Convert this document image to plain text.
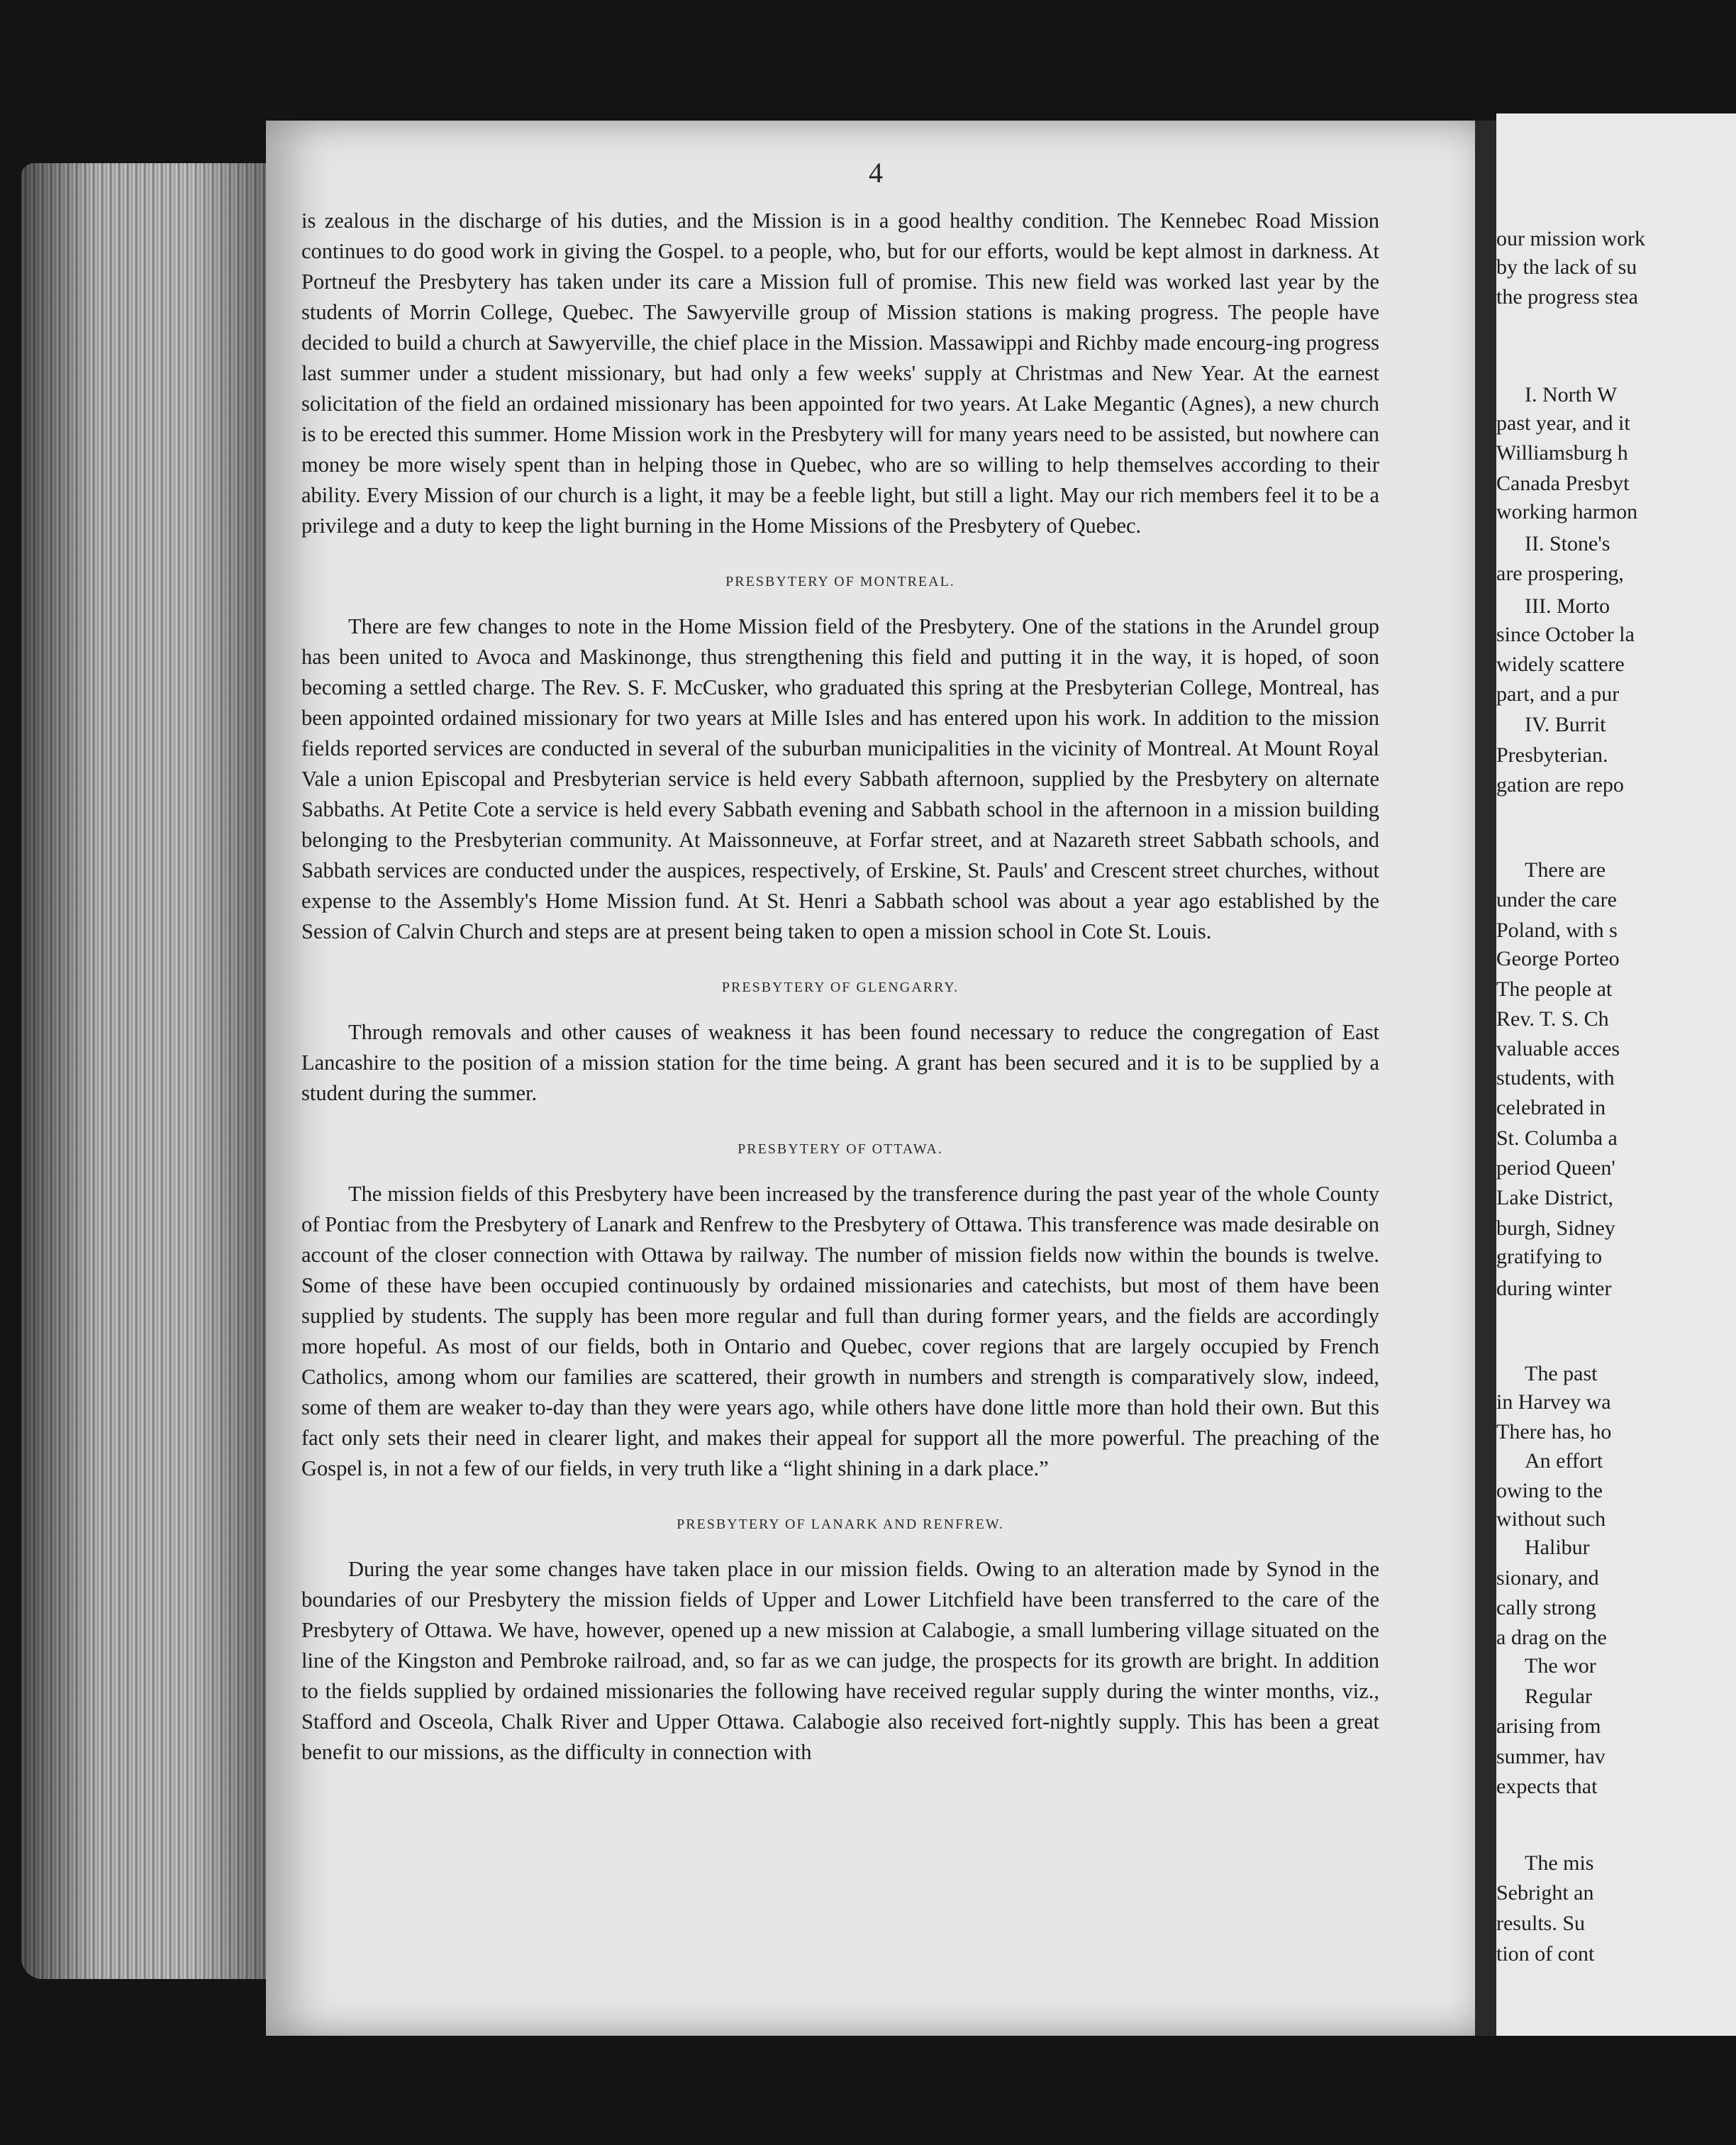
4

is zealous in the discharge of his duties, and the Mission is in a good healthy condition. The Kennebec Road Mission continues to do good work in giving the Gospel. to a people, who, but for our efforts, would be kept almost in darkness. At Portneuf the Presbytery has taken under its care a Mission full of promise. This new field was worked last year by the students of Morrin College, Quebec. The Sawyerville group of Mission stations is making progress. The people have decided to build a church at Sawyerville, the chief place in the Mission. Massawippi and Richby made encourg-ing progress last summer under a student missionary, but had only a few weeks' supply at Christmas and New Year. At the earnest solicitation of the field an ordained missionary has been appointed for two years. At Lake Megantic (Agnes), a new church is to be erected this summer. Home Mission work in the Presbytery will for many years need to be assisted, but nowhere can money be more wisely spent than in helping those in Quebec, who are so willing to help themselves according to their ability. Every Mission of our church is a light, it may be a feeble light, but still a light. May our rich members feel it to be a privilege and a duty to keep the light burning in the Home Missions of the Presbytery of Quebec.

PRESBYTERY OF MONTREAL.

There are few changes to note in the Home Mission field of the Presbytery. One of the stations in the Arundel group has been united to Avoca and Maskinonge, thus strengthening this field and putting it in the way, it is hoped, of soon becoming a settled charge. The Rev. S. F. McCusker, who graduated this spring at the Presbyterian College, Montreal, has been appointed ordained missionary for two years at Mille Isles and has entered upon his work. In addition to the mission fields reported services are conducted in several of the suburban municipalities in the vicinity of Montreal. At Mount Royal Vale a union Episcopal and Presbyterian service is held every Sabbath afternoon, supplied by the Presbytery on alternate Sabbaths. At Petite Cote a service is held every Sabbath evening and Sabbath school in the afternoon in a mission building belonging to the Presbyterian community. At Maissonneuve, at Forfar street, and at Nazareth street Sabbath schools, and Sabbath services are conducted under the auspices, respectively, of Erskine, St. Pauls' and Crescent street churches, without expense to the Assembly's Home Mission fund. At St. Henri a Sabbath school was about a year ago established by the Session of Calvin Church and steps are at present being taken to open a mission school in Cote St. Louis.

PRESBYTERY OF GLENGARRY.

Through removals and other causes of weakness it has been found necessary to reduce the congregation of East Lancashire to the position of a mission station for the time being. A grant has been secured and it is to be supplied by a student during the summer.

PRESBYTERY OF OTTAWA.

The mission fields of this Presbytery have been increased by the transference during the past year of the whole County of Pontiac from the Presbytery of Lanark and Renfrew to the Presbytery of Ottawa. This transference was made desirable on account of the closer connection with Ottawa by railway. The number of mission fields now within the bounds is twelve. Some of these have been occupied continuously by ordained missionaries and catechists, but most of them have been supplied by students. The supply has been more regular and full than during former years, and the fields are accordingly more hopeful. As most of our fields, both in Ontario and Quebec, cover regions that are largely occupied by French Catholics, among whom our families are scattered, their growth in numbers and strength is comparatively slow, indeed, some of them are weaker to-day than they were years ago, while others have done little more than hold their own. But this fact only sets their need in clearer light, and makes their appeal for support all the more powerful. The preaching of the Gospel is, in not a few of our fields, in very truth like a “light shining in a dark place.”

PRESBYTERY OF LANARK AND RENFREW.

During the year some changes have taken place in our mission fields. Owing to an alteration made by Synod in the boundaries of our Presbytery the mission fields of Upper and Lower Litchfield have been transferred to the care of the Presbytery of Ottawa. We have, however, opened up a new mission at Calabogie, a small lumbering village situated on the line of the Kingston and Pembroke railroad, and, so far as we can judge, the prospects for its growth are bright. In addition to the fields supplied by ordained missionaries the following have received regular supply during the winter months, viz., Stafford and Osceola, Chalk River and Upper Ottawa. Calabogie also received fort-nightly supply. This has been a great benefit to our missions, as the difficulty in connection with

our mission work
by the lack of su
the progress stea
I. North W
past year, and it
Williamsburg h
Canada Presbyt
working harmon
II. Stone's
are prospering,
III. Morto
since October la
widely scattere
part, and a pur
IV. Burrit
Presbyterian.
gation are repo
There are
under the care
Poland, with s
George Porteo
The people at
Rev. T. S. Ch
valuable acces
students, with
celebrated in
St. Columba a
period Queen'
Lake District,
burgh, Sidney
gratifying to
during winter
The past
in Harvey wa
There has, ho
An effort
owing to the
without such
Halibur
sionary, and
cally strong
a drag on the
The wor
Regular
arising from
summer, hav
expects that
The mis
Sebright an
results. Su
tion of cont
